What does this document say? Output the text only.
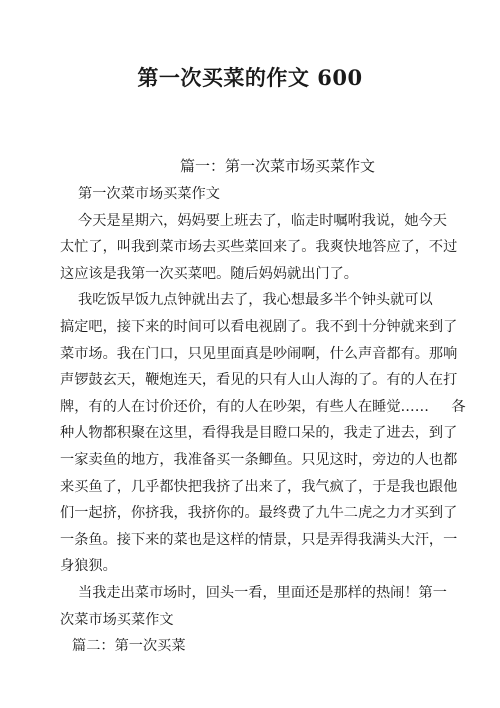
第一次买菜的作文 600
篇一：第一次菜市场买菜作文
第一次菜市场买菜作文
今天是星期六，妈妈要上班去了，临走时嘱咐我说，她今天
太忙了，叫我到菜市场去买些菜回来了。我爽快地答应了，不过
这应该是我第一次买菜吧。随后妈妈就出门了。
我吃饭早饭九点钟就出去了，我心想最多半个钟头就可以
搞定吧，接下来的时间可以看电视剧了。我不到十分钟就来到了
菜市场。我在门口，只见里面真是吵闹啊，什么声音都有。那响
声锣鼓玄天，鞭炮连天，看见的只有人山人海的了。有的人在打
牌，有的人在讨价还价，有的人在吵架，有些人在睡觉……     各
种人物都积聚在这里，看得我是目瞪口呆的，我走了进去，到了
一家卖鱼的地方，我准备买一条鲫鱼。只见这时，旁边的人也都
来买鱼了，几乎都快把我挤了出来了，我气疯了，于是我也跟他
们一起挤，你挤我，我挤你的。最终费了九牛二虎之力才买到了
一条鱼。接下来的菜也是这样的情景，只是弄得我满头大汗，一
身狼狈。
当我走出菜市场时，回头一看，里面还是那样的热闹！第一
次菜市场买菜作文
篇二：第一次买菜
